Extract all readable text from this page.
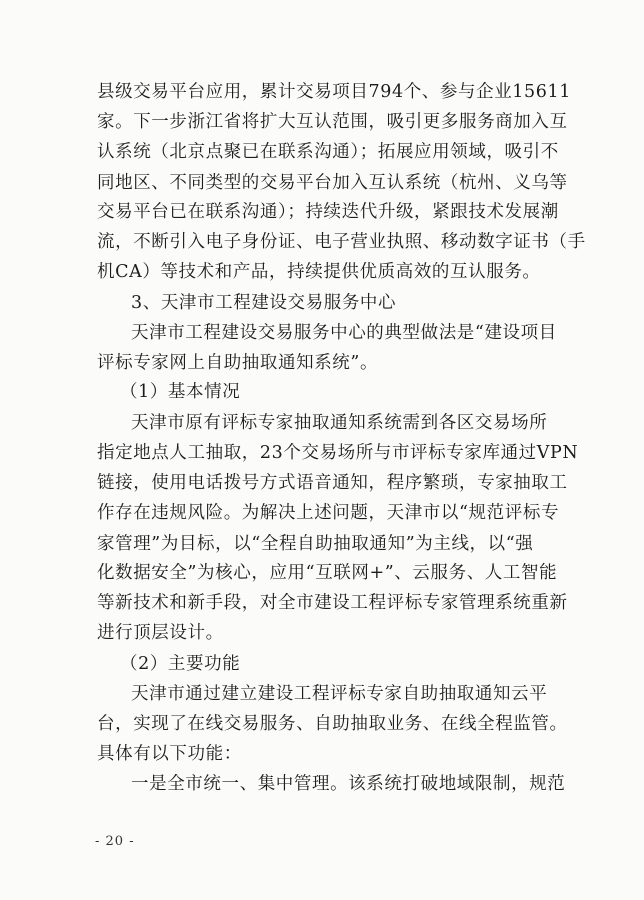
县级交易平台应用，累计交易项目794个、参与企业15611
家。下一步浙江省将扩大互认范围，吸引更多服务商加入互
认系统（北京点聚已在联系沟通）；拓展应用领域，吸引不
同地区、不同类型的交易平台加入互认系统（杭州、义乌等
交易平台已在联系沟通）；持续迭代升级，紧跟技术发展潮
流，不断引入电子身份证、电子营业执照、移动数字证书（手
机CA）等技术和产品，持续提供优质高效的互认服务。
3、天津市工程建设交易服务中心
天津市工程建设交易服务中心的典型做法是“建设项目
评标专家网上自助抽取通知系统”。
（1）基本情况
天津市原有评标专家抽取通知系统需到各区交易场所
指定地点人工抽取，23个交易场所与市评标专家库通过VPN
链接，使用电话拨号方式语音通知，程序繁琐，专家抽取工
作存在违规风险。为解决上述问题，天津市以“规范评标专
家管理”为目标，以“全程自助抽取通知”为主线，以“强
化数据安全”为核心，应用“互联网+”、云服务、人工智能
等新技术和新手段，对全市建设工程评标专家管理系统重新
进行顶层设计。
（2）主要功能
天津市通过建立建设工程评标专家自助抽取通知云平
台，实现了在线交易服务、自助抽取业务、在线全程监管。
具体有以下功能：
一是全市统一、集中管理。该系统打破地域限制，规范
- 20 -
